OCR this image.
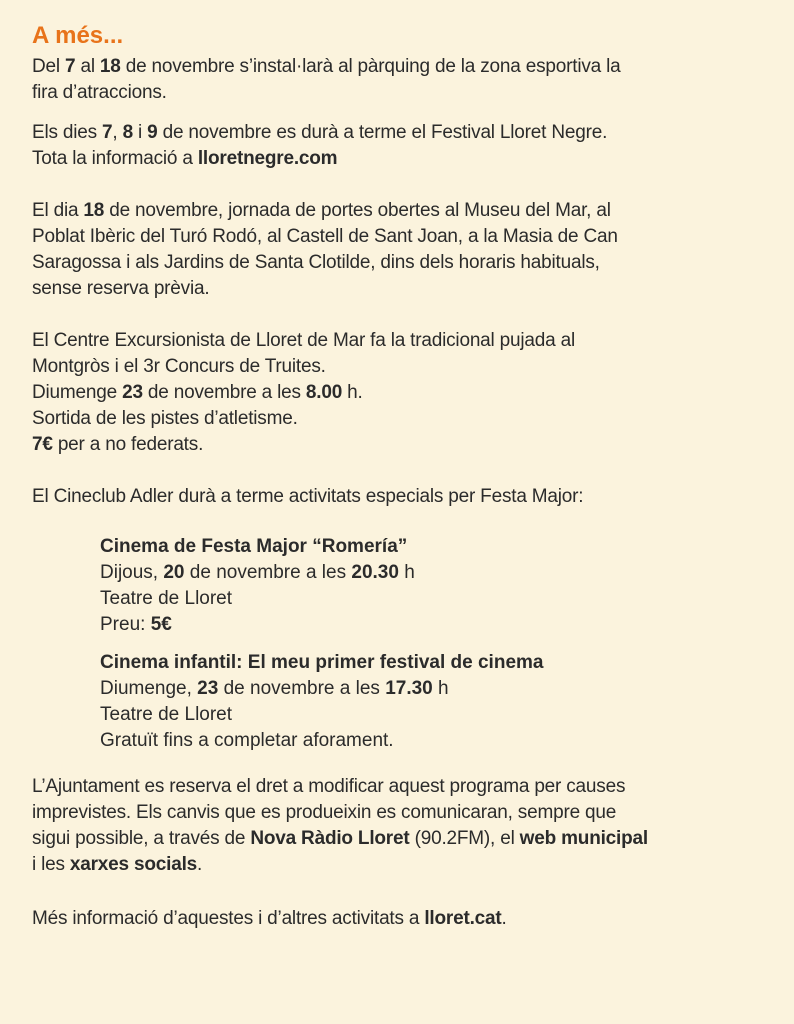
A més...

Del 7 al 18 de novembre s’instal·larà al pàrquing de la zona esportiva la

fira d’atraccions.

Els dies 7, 8 i 9 de novembre es durà a terme el Festival Lloret Negre.

Tota la informació a lloretnegre.com

El dia 18 de novembre, jornada de portes obertes al Museu del Mar, al

Poblat Ibèric del Turó Rodó, al Castell de Sant Joan, a la Masia de Can

Saragossa i als Jardins de Santa Clotilde, dins dels horaris habituals,

sense reserva prèvia.

El Centre Excursionista de Lloret de Mar fa la tradicional pujada al

Montgròs i el 3r Concurs de Truites.

Diumenge 23 de novembre a les 8.00 h.

Sortida de les pistes d’atletisme.

7€ per a no federats.

El Cineclub Adler durà a terme activitats especials per Festa Major:

Cinema de Festa Major “Romería”

Dijous, 20 de novembre a les 20.30 h

Teatre de Lloret

Preu: 5€

Cinema infantil: El meu primer festival de cinema

Diumenge, 23 de novembre a les 17.30 h

Teatre de Lloret

Gratuït fins a completar aforament.

L’Ajuntament es reserva el dret a modificar aquest programa per causes

imprevistes. Els canvis que es produeixin es comunicaran, sempre que

sigui possible, a través de Nova Ràdio Lloret (90.2FM), el web municipal

i les xarxes socials.

Més informació d’aquestes i d’altres activitats a lloret.cat.
